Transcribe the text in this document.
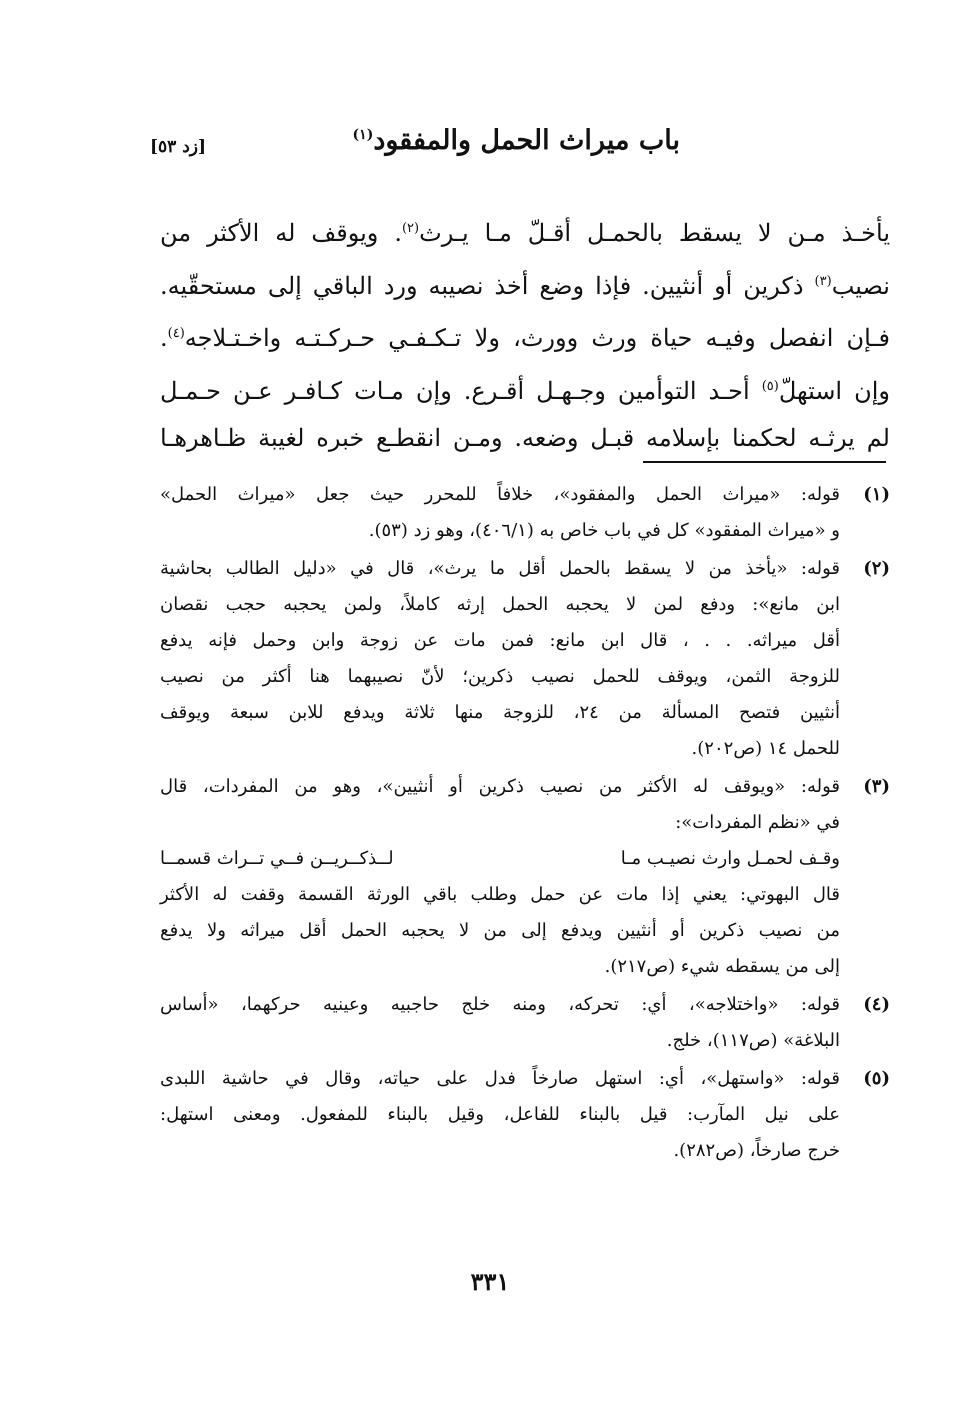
باب ميراث الحمل والمفقود$^{(١)}$
[زد ٥٣]

يأخـذ مـن لا يسقط بالحمـل أقـلّ مـا يـرث$^{(٢)}$. ويوقف له الأكثر من

نصيب$^{(٣)}$ ذكرين أو أنثيين. فإذا وضع أخذ نصيبه ورد الباقي إلى مستحقّيه.

فـإن انفصل وفيـه حياة ورث وورث، ولا تـكـفـي حـركـتـه واخـتـلاجه$^{(٤)}$.

وإن استهلّ$^{(٥)}$ أحـد التوأمين وجـهـل أقـرع. وإن مـات كـافـر عـن حـمـل

لم يرثـه لحكمنا بإسلامه قبـل وضعه. ومـن انقطـع خبره لغيبة ظـاهرهـا

(١)
قوله: «ميراث الحمل والمفقود»، خلافاً للمحرر حيث جعل «ميراث الحمل»
و «ميراث المفقود» كل في باب خاص به (٤٠٦/١)، وهو زد (٥٣).
(٢)
قوله: «يأخذ من لا يسقط بالحمل أقل ما يرث»، قال في «دليل الطالب بحاشية
ابن مانع»: ودفع لمن لا يحجبه الحمل إرثه كاملاً، ولمن يحجبه حجب نقصان
أقل ميراثه. . . ، قال ابن مانع: فمن مات عن زوجة وابن وحمل فإنه يدفع
للزوجة الثمن، ويوقف للحمل نصيب ذكرين؛ لأنّ نصيبهما هنا أكثر من نصيب
أنثيين فتصح المسألة من ٢٤، للزوجة منها ثلاثة ويدفع للابن سبعة ويوقف
للحمل ١٤ (ص٢٠٢).
(٣)
قوله: «ويوقف له الأكثر من نصيب ذكرين أو أنثيين»، وهو من المفردات، قال
في «نظم المفردات»:
وقـف لحمـل وارث نصيـب مـا
لــذكــريــن فــي تــراث قسمــا
قال البهوتي: يعني إذا مات عن حمل وطلب باقي الورثة القسمة وقفت له الأكثر
من نصيب ذكرين أو أنثيين ويدفع إلى من لا يحجبه الحمل أقل ميراثه ولا يدفع
إلى من يسقطه شيء (ص٢١٧).
(٤)
قوله: «واختلاجه»، أي: تحركه، ومنه خلج حاجبيه وعينيه حركهما، «أساس
البلاغة» (ص١١٧)، خلج.
(٥)
قوله: «واستهل»، أي: استهل صارخاً فدل على حياته، وقال في حاشية اللبدى
على نيل المآرب: قيل بالبناء للفاعل، وقيل بالبناء للمفعول. ومعنى استهل:
خرج صارخاً، (ص٢٨٢).
٣٣١
